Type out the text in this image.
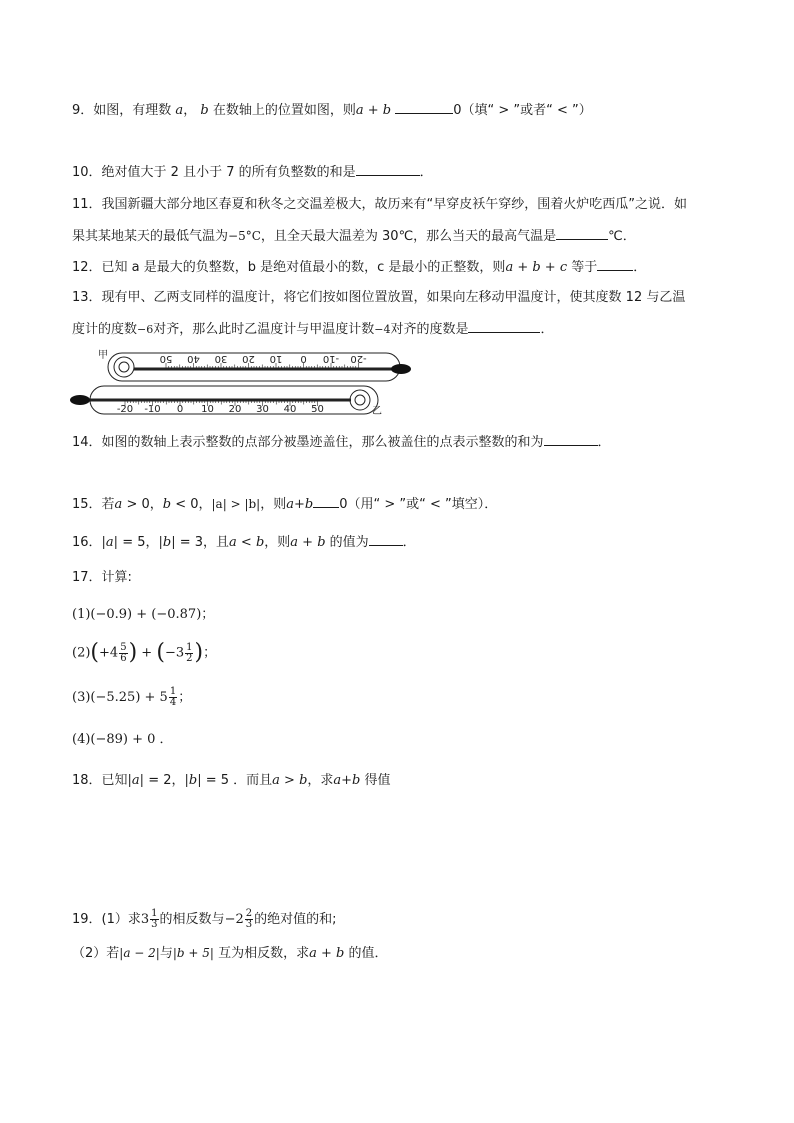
9．如图，有理数 a， b 在数轴上的位置如图，则a + b	0（填“ > ”或者“ < ”）
10．绝对值大于 2 且小于 7 的所有负整数的和是	．
11．我国新疆大部分地区春夏和秋冬之交温差极大，故历来有“早穿皮袄午穿纱，围着火炉吃西瓜”之说．如
果其某地某天的最低气温为−5°C，且全天最大温差为 30℃，那么当天的最高气温是	℃．
12．已知 a 是最大的负整数，b 是绝对值最小的数，c 是最小的正整数，则a + b + c 等于	．
13．现有甲、乙两支同样的温度计，将它们按如图位置放置，如果向左移动甲温度计，使其度数 12 与乙温
度计的度数−6对齐，那么此时乙温度计与甲温度计数−4对齐的度数是	．
50 40 30 20 10 0 -10 -20
-20 -10 0 10 20 30 40 50
甲
乙
14．如图的数轴上表示整数的点部分被墨迹盖住，那么被盖住的点表示整数的和为	．
15．若a > 0，b < 0，|a| > |b|，则a+b 0（用“ > ”或“ < ”填空）．
16．|a| = 5，|b| = 3，且a < b，则a + b 的值为	．
17．计算:
(1)(−0.9) + (−0.87)；
$(2)(+4 \frac{5}{6}$ ) + ($-3 \frac{1}{2}$ )；
$(3)(-5.25) + 5 \frac{1}{4}$ ；
(4)(−89) + 0 ．
18．已知|a| = 2，|b| = 5 ．而且a > b，求a+b 得值
19．(1）求$3 \frac{1}{3}$ 的相反数与$-2 \frac{2}{3}$ 的绝对值的和;
（2）若|a − 2|与|b + 5| 互为相反数，求a + b 的值．
